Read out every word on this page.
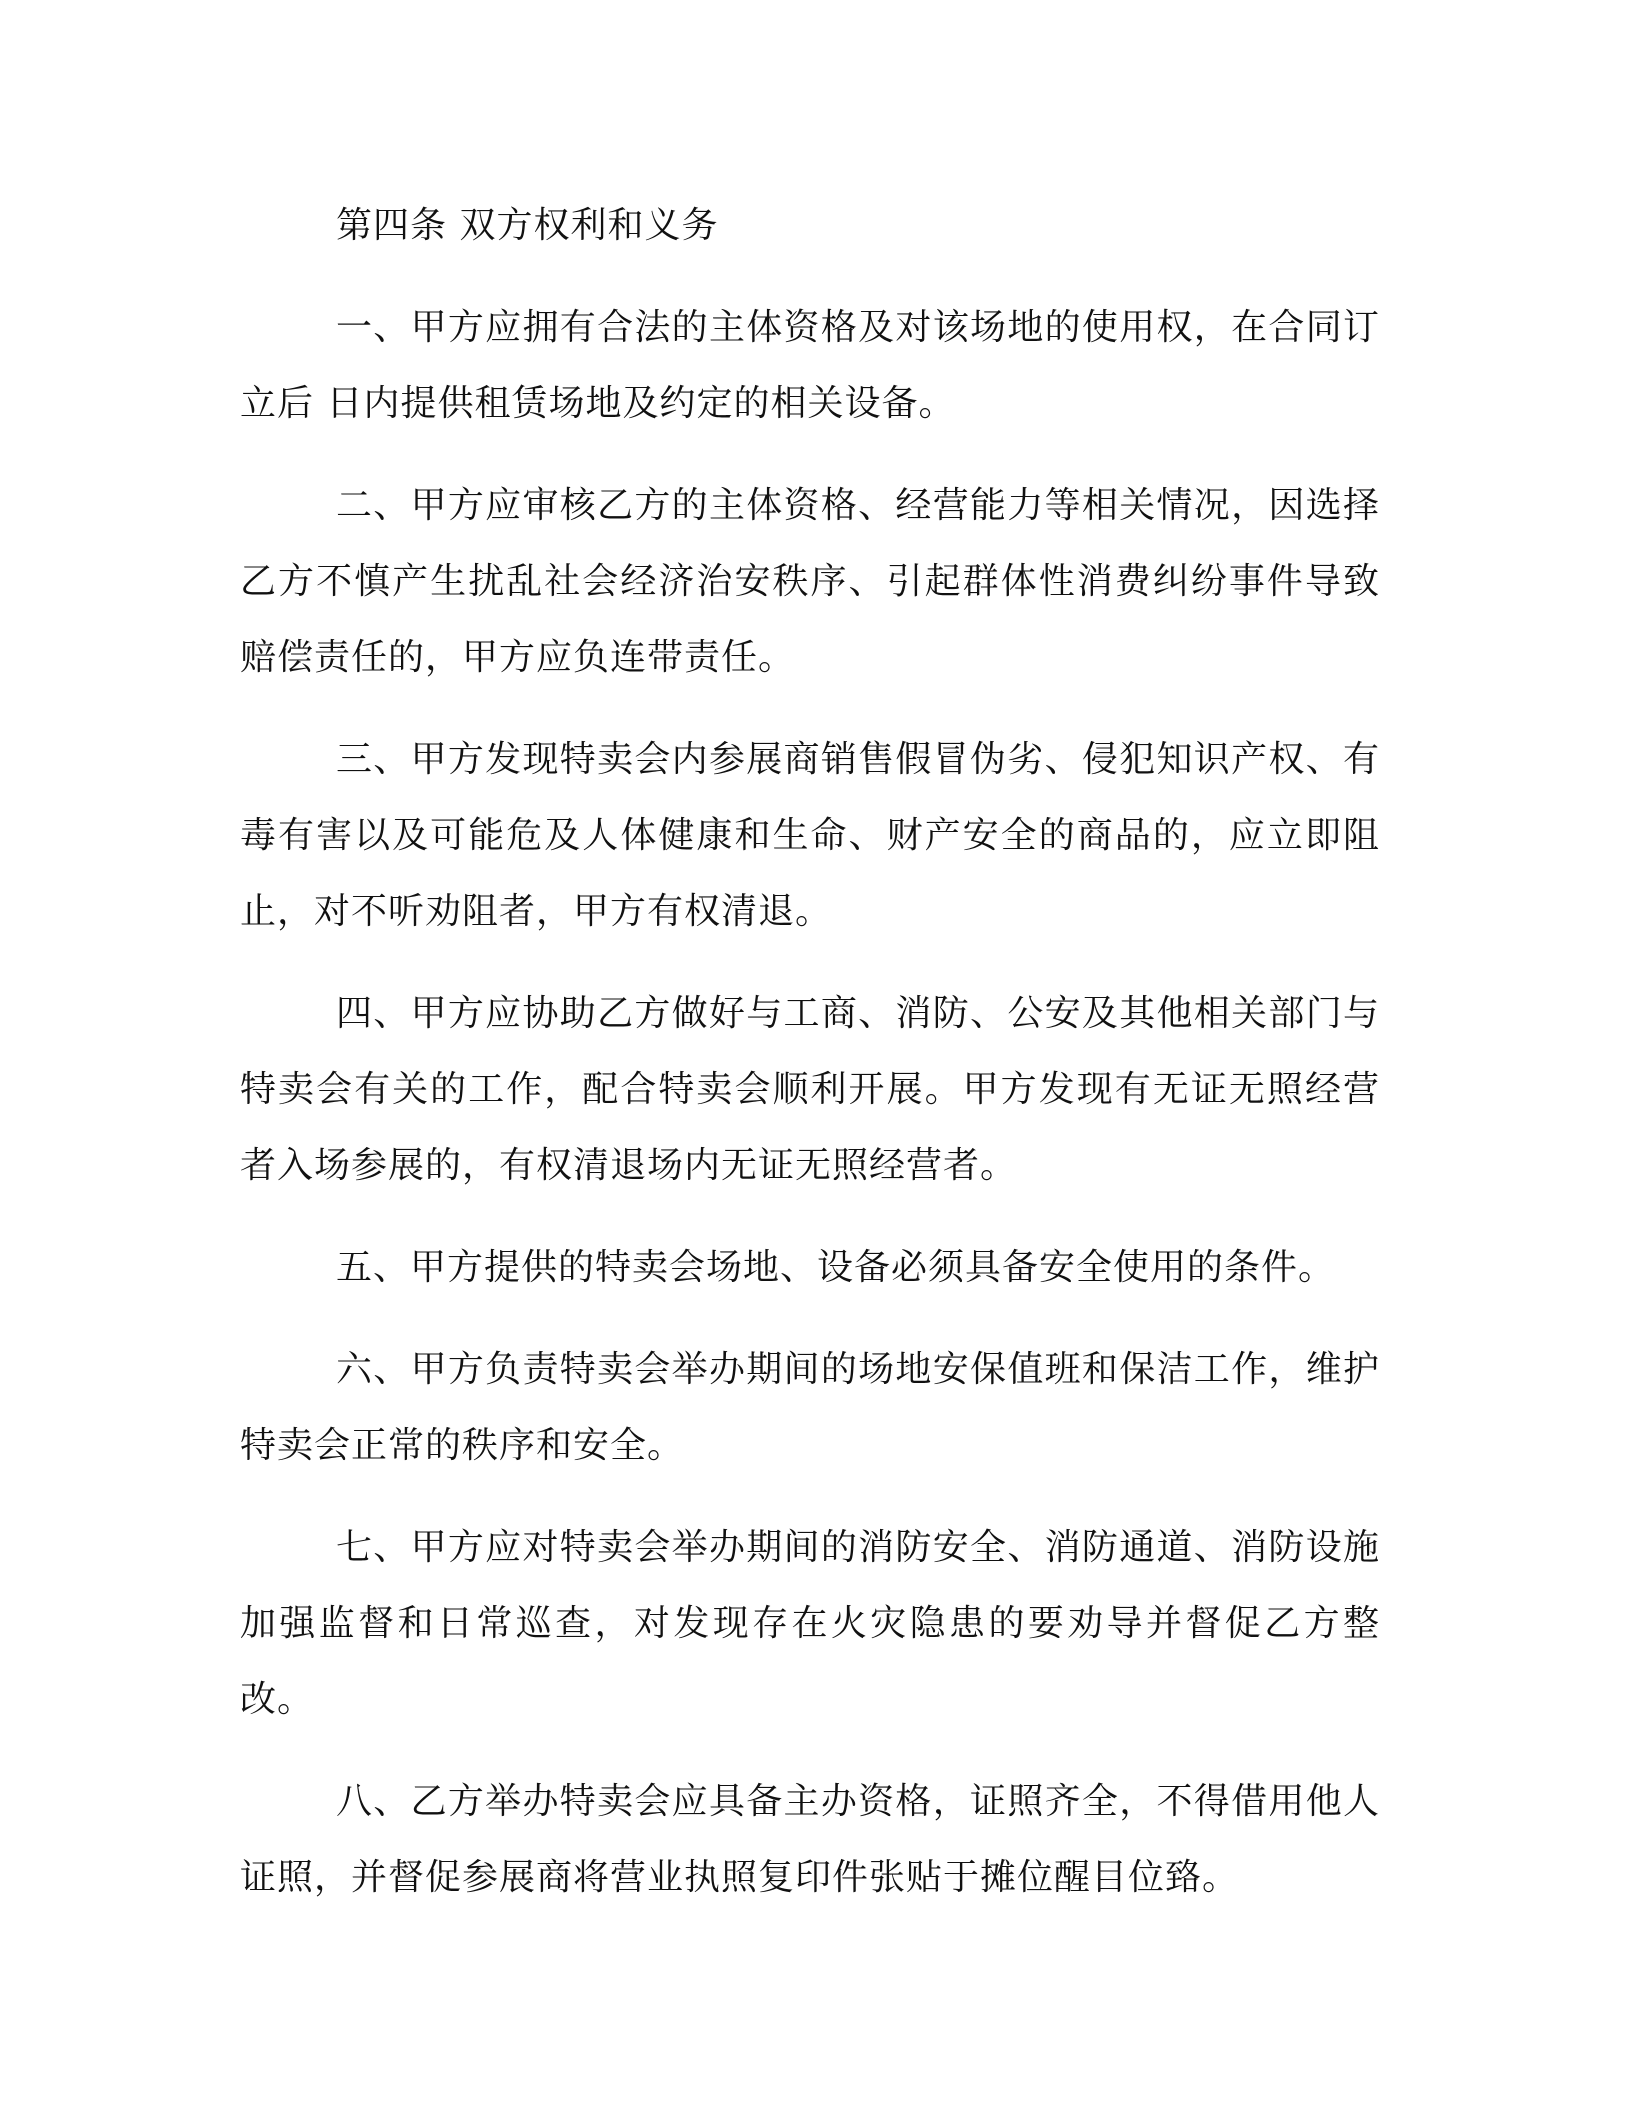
第四条 双方权利和义务

一、甲方应拥有合法的主体资格及对该场地的使用权，在合同订立后 日内提供租赁场地及约定的相关设备。

二、甲方应审核乙方的主体资格、经营能力等相关情况，因选择乙方不慎产生扰乱社会经济治安秩序、引起群体性消费纠纷事件导致赔偿责任的，甲方应负连带责任。

三、甲方发现特卖会内参展商销售假冒伪劣、侵犯知识产权、有毒有害以及可能危及人体健康和生命、财产安全的商品的，应立即阻止，对不听劝阻者，甲方有权清退。

四、甲方应协助乙方做好与工商、消防、公安及其他相关部门与特卖会有关的工作，配合特卖会顺利开展。甲方发现有无证无照经营者入场参展的，有权清退场内无证无照经营者。

五、甲方提供的特卖会场地、设备必须具备安全使用的条件。

六、甲方负责特卖会举办期间的场地安保值班和保洁工作，维护特卖会正常的秩序和安全。

七、甲方应对特卖会举办期间的消防安全、消防通道、消防设施加强监督和日常巡查，对发现存在火灾隐患的要劝导并督促乙方整改。

八、乙方举办特卖会应具备主办资格，证照齐全，不得借用他人证照，并督促参展商将营业执照复印件张贴于摊位醒目位臵。
